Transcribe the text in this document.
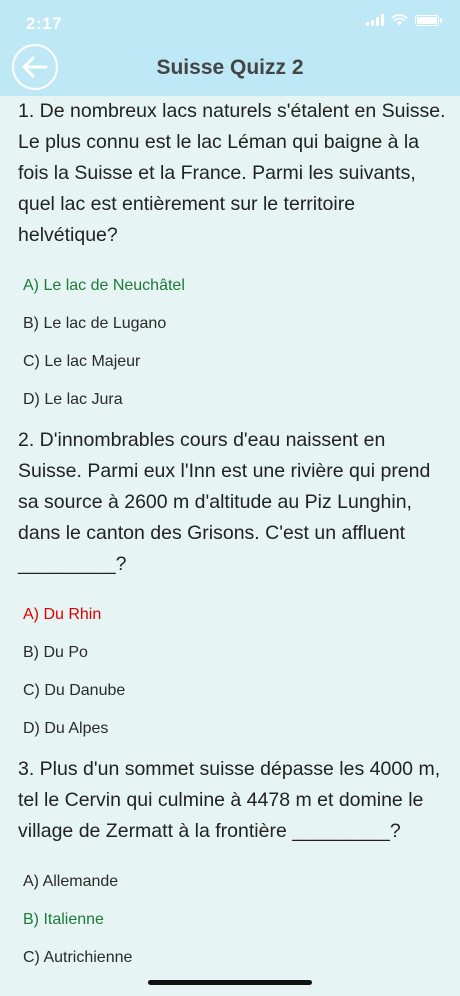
2:17
Suisse Quizz 2
1. De nombreux lacs naturels s'étalent en Suisse. Le plus connu est le lac Léman qui baigne à la fois la Suisse et la France. Parmi les suivants, quel lac est entièrement sur le territoire helvétique?
A) Le lac de Neuchâtel
B) Le lac de Lugano
C) Le lac Majeur
D) Le lac Jura
2. D'innombrables cours d'eau naissent en Suisse. Parmi eux l'Inn est une rivière qui prend sa source à 2600 m d'altitude au Piz Lunghin, dans le canton des Grisons. C'est un affluent _________?
A) Du Rhin
B) Du Po
C) Du Danube
D) Du Alpes
3. Plus d'un sommet suisse dépasse les 4000 m, tel le Cervin qui culmine à 4478 m et domine le village de Zermatt à la frontière _________?
A) Allemande
B) Italienne
C) Autrichienne
